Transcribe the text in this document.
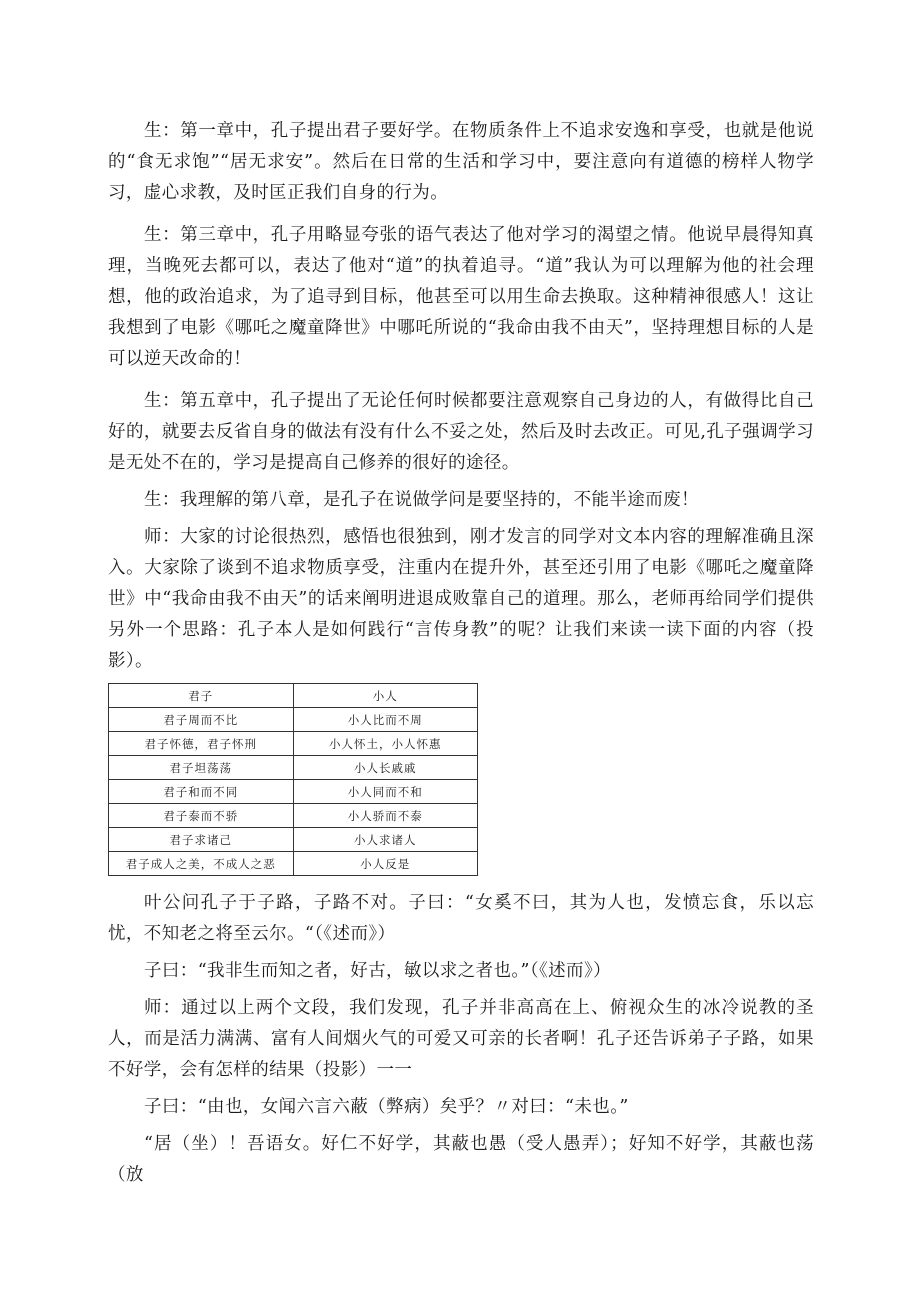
生：第一章中，孔子提出君子要好学。在物质条件上不追求安逸和享受，也就是他说的“食无求饱”“居无求安”。然后在日常的生活和学习中，要注意向有道德的榜样人物学习，虚心求教，及时匡正我们自身的行为。

生：第三章中，孔子用略显夸张的语气表达了他对学习的渴望之情。他说早晨得知真理，当晚死去都可以，表达了他对“道”的执着追寻。“道”我认为可以理解为他的社会理想，他的政治追求，为了追寻到目标，他甚至可以用生命去换取。这种精神很感人！这让我想到了电影《哪吒之魔童降世》中哪吒所说的“我命由我不由天”，坚持理想目标的人是可以逆天改命的！

生：第五章中，孔子提出了无论任何时候都要注意观察自己身边的人，有做得比自己好的，就要去反省自身的做法有没有什么不妥之处，然后及时去改正。可见,孔子强调学习是无处不在的，学习是提高自己修养的很好的途径。

生：我理解的第八章，是孔子在说做学问是要坚持的，不能半途而废！

师：大家的讨论很热烈，感悟也很独到，刚才发言的同学对文本内容的理解准确且深入。大家除了谈到不追求物质享受，注重内在提升外，甚至还引用了电影《哪吒之魔童降世》中“我命由我不由天”的话来阐明进退成败靠自己的道理。那么，老师再给同学们提供另外一个思路：孔子本人是如何践行“言传身教”的呢？让我们来读一读下面的内容（投影）。

君子	小人
君子周而不比	小人比而不周
君子怀德，君子怀刑	小人怀土，小人怀惠
君子坦荡荡	小人长戚戚
君子和而不同	小人同而不和
君子泰而不骄	小人骄而不泰
君子求诸己	小人求诸人
君子成人之美，不成人之恶	小人反是

叶公问孔子于子路，子路不对。子曰：“女奚不曰，其为人也，发愤忘食，乐以忘忧，不知老之将至云尔。“（《述而》）

子曰：“我非生而知之者，好古，敏以求之者也。”（《述而》）

师：通过以上两个文段，我们发现，孔子并非高高在上、俯视众生的冰冷说教的圣人，而是活力满满、富有人间烟火气的可爱又可亲的长者啊！孔子还告诉弟子子路，如果不好学，会有怎样的结果（投影）一一

子曰：“由也，女闻六言六蔽（弊病）矣乎？〃对曰：“未也。”

“居（坐）！吾语女。好仁不好学，其蔽也愚（受人愚弄）；好知不好学，其蔽也荡（放
